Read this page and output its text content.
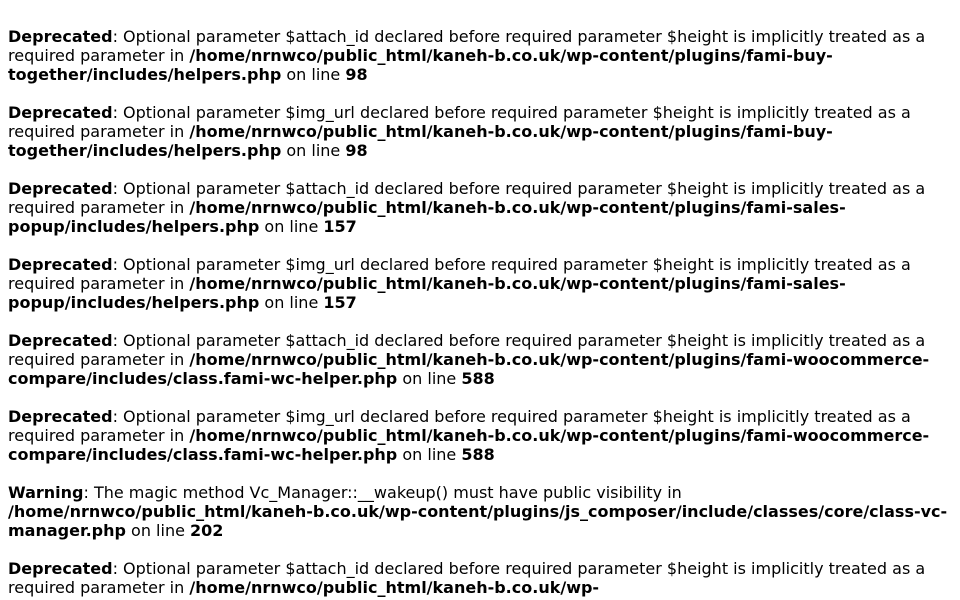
Deprecated: Optional parameter $attach_id declared before required parameter $height is implicitly treated as a required parameter in /home/nrnwco/public_html/kaneh-b.co.uk/wp-content/plugins/fami-buy-together/includes/helpers.php on line 98
Deprecated: Optional parameter $img_url declared before required parameter $height is implicitly treated as a required parameter in /home/nrnwco/public_html/kaneh-b.co.uk/wp-content/plugins/fami-buy-together/includes/helpers.php on line 98
Deprecated: Optional parameter $attach_id declared before required parameter $height is implicitly treated as a required parameter in /home/nrnwco/public_html/kaneh-b.co.uk/wp-content/plugins/fami-sales-popup/includes/helpers.php on line 157
Deprecated: Optional parameter $img_url declared before required parameter $height is implicitly treated as a required parameter in /home/nrnwco/public_html/kaneh-b.co.uk/wp-content/plugins/fami-sales-popup/includes/helpers.php on line 157
Deprecated: Optional parameter $attach_id declared before required parameter $height is implicitly treated as a required parameter in /home/nrnwco/public_html/kaneh-b.co.uk/wp-content/plugins/fami-woocommerce-compare/includes/class.fami-wc-helper.php on line 588
Deprecated: Optional parameter $img_url declared before required parameter $height is implicitly treated as a required parameter in /home/nrnwco/public_html/kaneh-b.co.uk/wp-content/plugins/fami-woocommerce-compare/includes/class.fami-wc-helper.php on line 588
Warning: The magic method Vc_Manager::__wakeup() must have public visibility in /home/nrnwco/public_html/kaneh-b.co.uk/wp-content/plugins/js_composer/include/classes/core/class-vc-manager.php on line 202
Deprecated: Optional parameter $attach_id declared before required parameter $height is implicitly treated as a required parameter in /home/nrnwco/public_html/kaneh-b.co.uk/wp-
